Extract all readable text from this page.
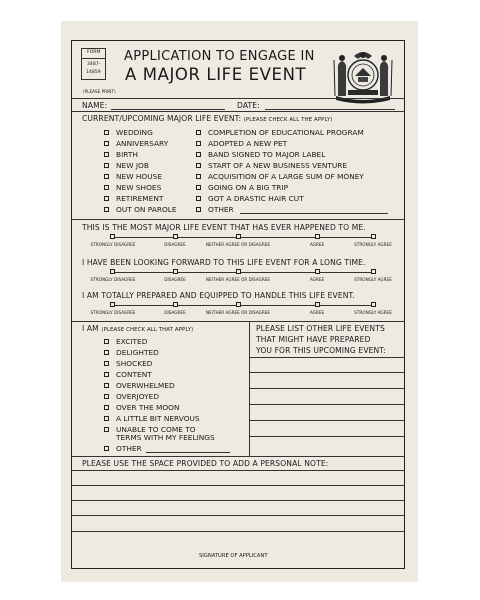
FORM
3487-
14859
APPLICATION TO ENGAGE IN
A MAJOR LIFE EVENT
(PLEASE PRINT)
NAME:	DATE:
CURRENT/UPCOMING MAJOR LIFE EVENT: (PLEASE CHECK ALL THE APPLY)
WEDDING
ANNIVERSARY
BIRTH
NEW JOB
NEW HOUSE
NEW SHOES
RETIREMENT
OUT ON PAROLE
COMPLETION OF EDUCATIONAL PROGRAM
ADOPTED A NEW PET
BAND SIGNED TO MAJOR LABEL
START OF A NEW BUSINESS VENTURE
ACQUISITION OF A LARGE SUM OF MONEY
GOING ON A BIG TRIP
GOT A DRASTIC HAIR CUT
OTHER
THIS IS THE MOST MAJOR LIFE EVENT THAT HAS EVER HAPPENED TO ME.
STRONGLY DISAGREE	DISAGREE	NEITHER AGREE OR DISAGREE	AGREE	STRONGLY AGREE
I HAVE BEEN LOOKING FORWARD TO THIS LIFE EVENT FOR A LONG TIME.
STRONGLY DISAGREE	DISAGREE	NEITHER AGREE OR DISAGREE	AGREE	STRONGLY AGREE
I AM TOTALLY PREPARED AND EQUIPPED TO HANDLE THIS LIFE EVENT.
STRONGLY DISAGREE	DISAGREE	NEITHER AGREE OR DISAGREE	AGREE	STRONGLY AGREE
I AM (PLEASE CHECK ALL THAT APPLY)
EXCITED
DELIGHTED
SHOCKED
CONTENT
OVERWHELMED
OVERJOYED
OVER THE MOON
A LITTLE BIT NERVOUS
UNABLE TO COME TO
TERMS WITH MY FEELINGS
OTHER
PLEASE LIST OTHER LIFE EVENTS
THAT MIGHT HAVE PREPARED
YOU FOR THIS UPCOMING EVENT:
PLEASE USE THE SPACE PROVIDED TO ADD A PERSONAL NOTE:
SIGNATURE OF APPLICANT
